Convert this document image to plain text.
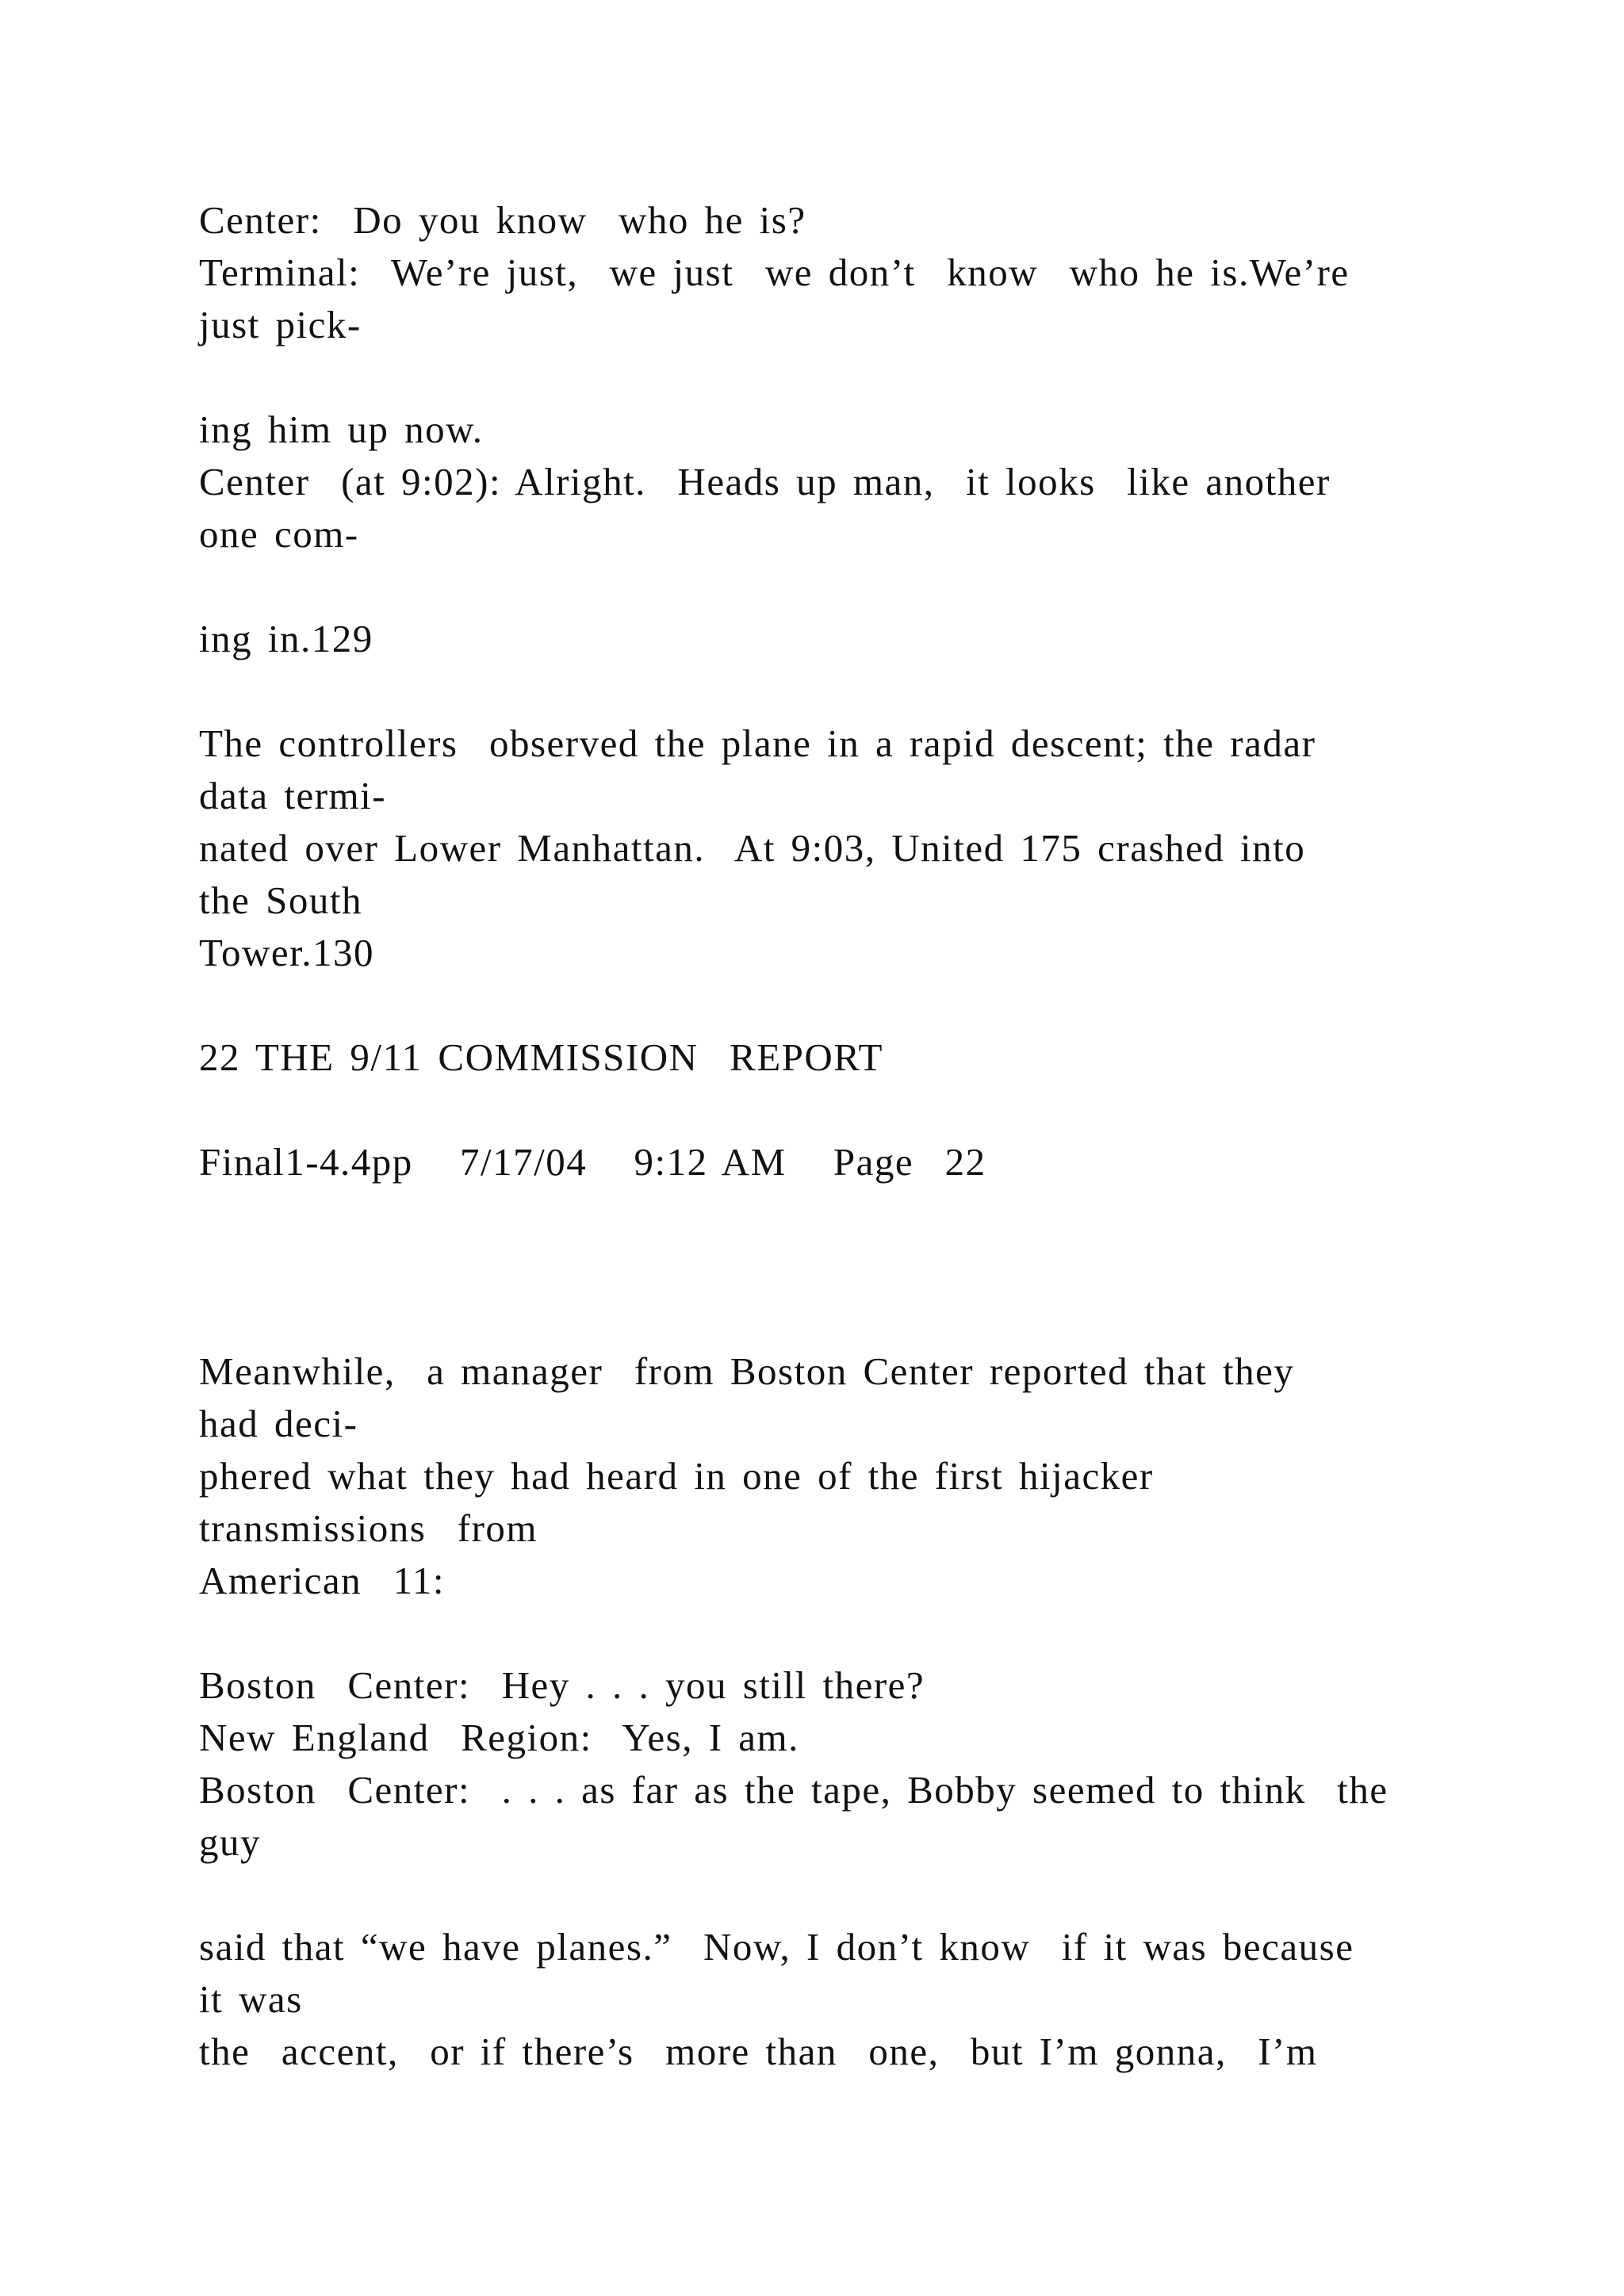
Center:  Do you know  who he is?
Terminal:  We’re just,  we just  we don’t  know  who he is.We’re
just pick-
ing him up now.
Center  (at 9:02): Alright.  Heads up man,  it looks  like another
one com-
ing in.129
The controllers  observed the plane in a rapid descent; the radar
data termi-
nated over Lower Manhattan.  At 9:03, United 175 crashed into
the South
Tower.130
22 THE 9/11 COMMISSION  REPORT
Final1-4.4pp   7/17/04   9:12 AM   Page  22
Meanwhile,  a manager  from Boston Center reported that they
had deci-
phered what they had heard in one of the first hijacker
transmissions  from
American  11:
Boston  Center:  Hey . . . you still there?
New England  Region:  Yes, I am.
Boston  Center:  . . . as far as the tape, Bobby seemed to think  the
guy
said that “we have planes.”  Now, I don’t know  if it was because
it was
the  accent,  or if there’s  more than  one,  but I’m gonna,  I’m
